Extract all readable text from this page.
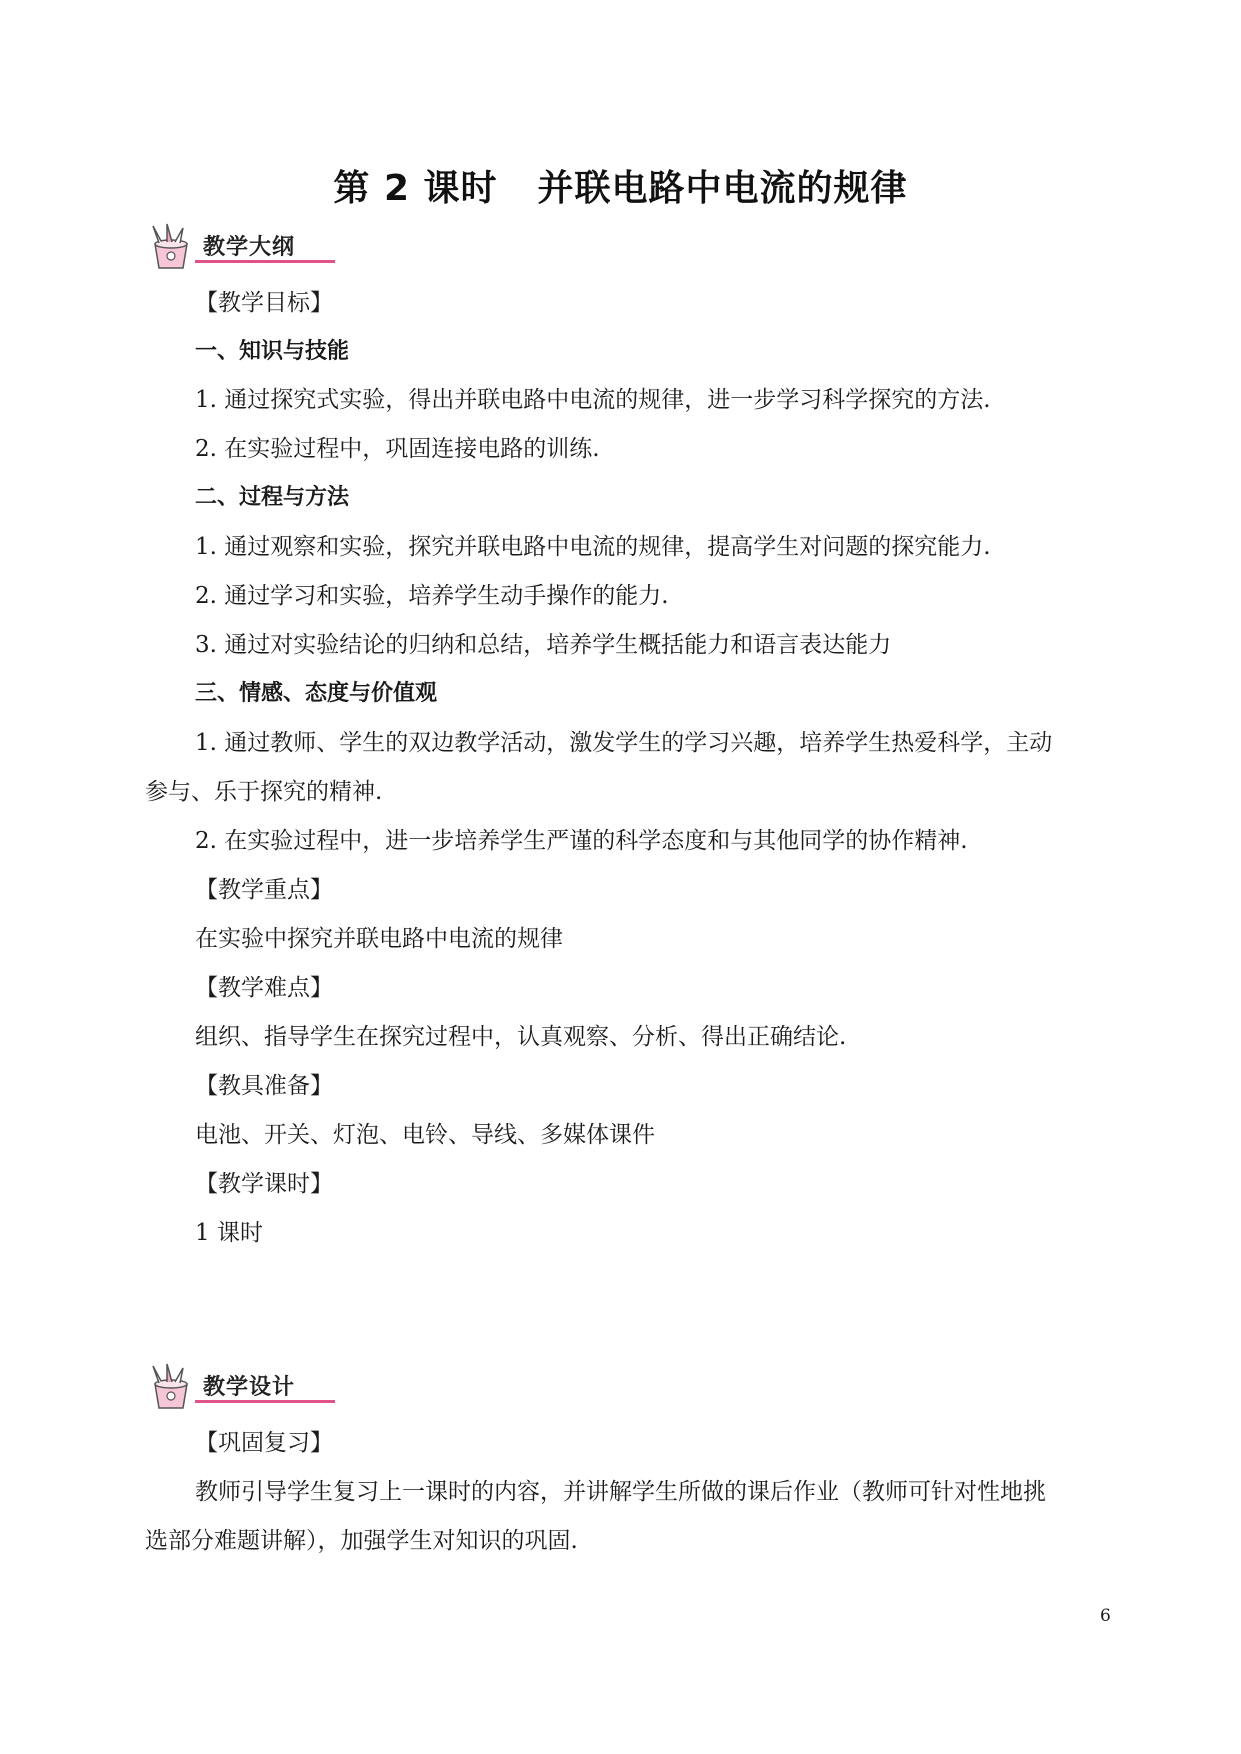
第 2 课时 并联电路中电流的规律
教学大纲
【教学目标】
一、知识与技能
1. 通过探究式实验，得出并联电路中电流的规律，进一步学习科学探究的方法.
2. 在实验过程中，巩固连接电路的训练.
二、过程与方法
1. 通过观察和实验，探究并联电路中电流的规律，提高学生对问题的探究能力.
2. 通过学习和实验，培养学生动手操作的能力.
3. 通过对实验结论的归纳和总结，培养学生概括能力和语言表达能力
三、情感、态度与价值观
1. 通过教师、学生的双边教学活动，激发学生的学习兴趣，培养学生热爱科学，主动
参与、乐于探究的精神.
2. 在实验过程中，进一步培养学生严谨的科学态度和与其他同学的协作精神.
【教学重点】
在实验中探究并联电路中电流的规律
【教学难点】
组织、指导学生在探究过程中，认真观察、分析、得出正确结论.
【教具准备】
电池、开关、灯泡、电铃、导线、多媒体课件
【教学课时】
1 课时
教学设计
【巩固复习】
教师引导学生复习上一课时的内容，并讲解学生所做的课后作业（教师可针对性地挑
选部分难题讲解），加强学生对知识的巩固.
6
